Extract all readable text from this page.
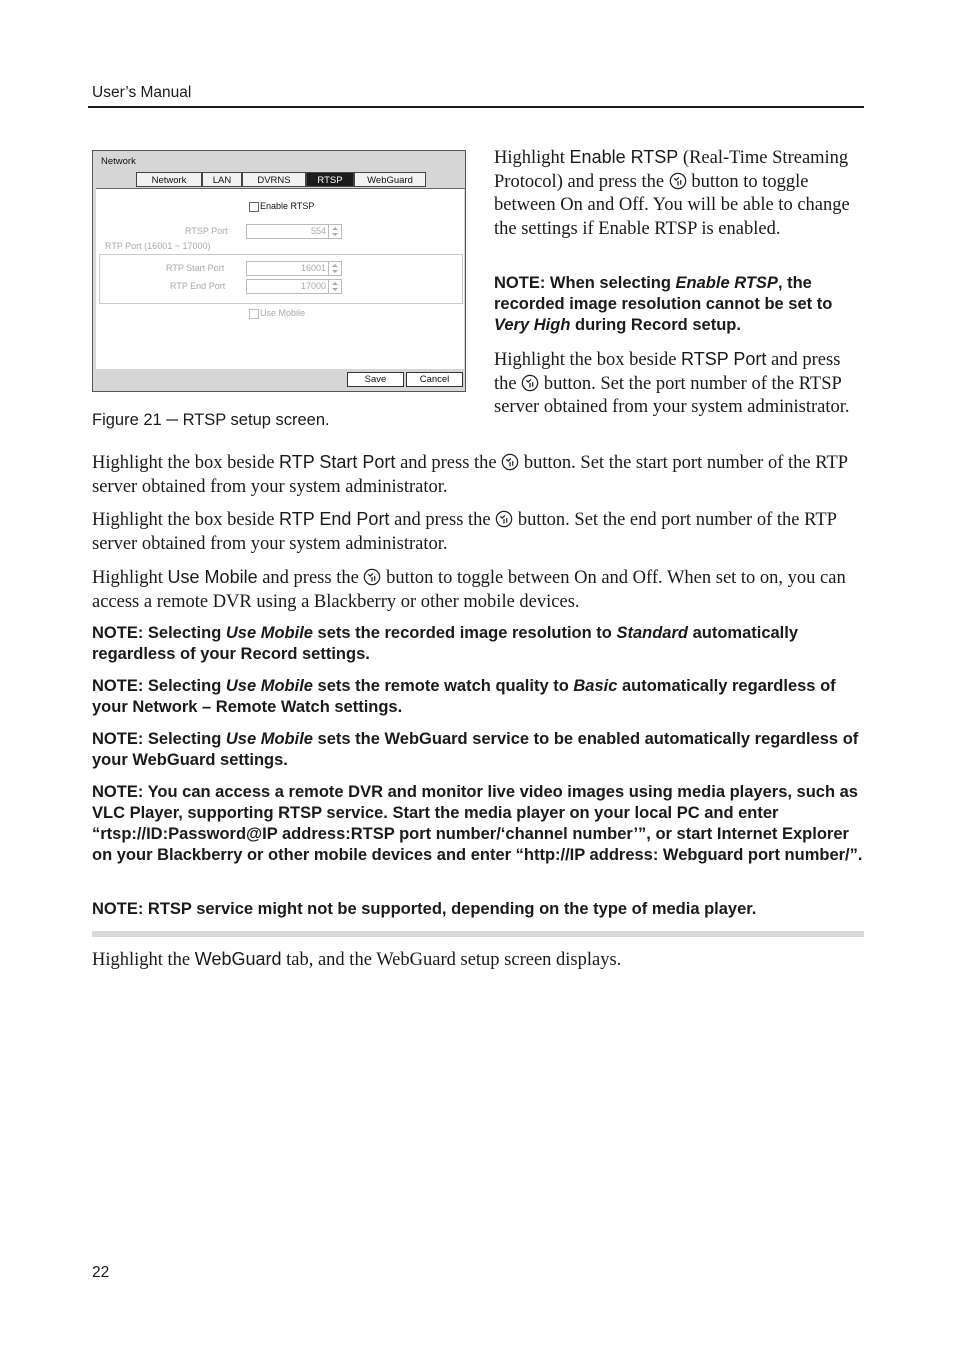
User’s Manual
Network
Network	LAN	DVRNS	RTSP	WebGuard
Enable RTSP
RTSP Port	554
RTP Port (16001 ~ 17000)
RTP Start Port	16001
RTP End Port	17000
Use Mobile
Save	Cancel
Figure 21 ─ RTSP setup screen.

Highlight Enable RTSP (Real-Time Streaming Protocol) and press the  button to toggle between On and Off. You will be able to change the settings if Enable RTSP is enabled.

NOTE: When selecting Enable RTSP, the recorded image resolution cannot be set to Very High during Record setup.

Highlight the box beside RTSP Port and press the  button. Set the port number of the RTSP server obtained from your system administrator.

Highlight the box beside RTP Start Port and press the  button. Set the start port number of the RTP server obtained from your system administrator.

Highlight the box beside RTP End Port and press the  button. Set the end port number of the RTP server obtained from your system administrator.

Highlight Use Mobile and press the  button to toggle between On and Off. When set to on, you can access a remote DVR using a Blackberry or other mobile devices.

NOTE: Selecting Use Mobile sets the recorded image resolution to Standard automatically regardless of your Record settings.

NOTE: Selecting Use Mobile sets the remote watch quality to Basic automatically regardless of your Network – Remote Watch settings.

NOTE: Selecting Use Mobile sets the WebGuard service to be enabled automatically regardless of your WebGuard settings.

NOTE: You can access a remote DVR and monitor live video images using media players, such as VLC Player, supporting RTSP service. Start the media player on your local PC and enter “rtsp://ID:Password@IP address:RTSP port number/‘channel number’”, or start Internet Explorer on your Blackberry or other mobile devices and enter “http://IP address: Webguard port number/”.

NOTE: RTSP service might not be supported, depending on the type of media player.

Highlight the WebGuard tab, and the WebGuard setup screen displays.

22
